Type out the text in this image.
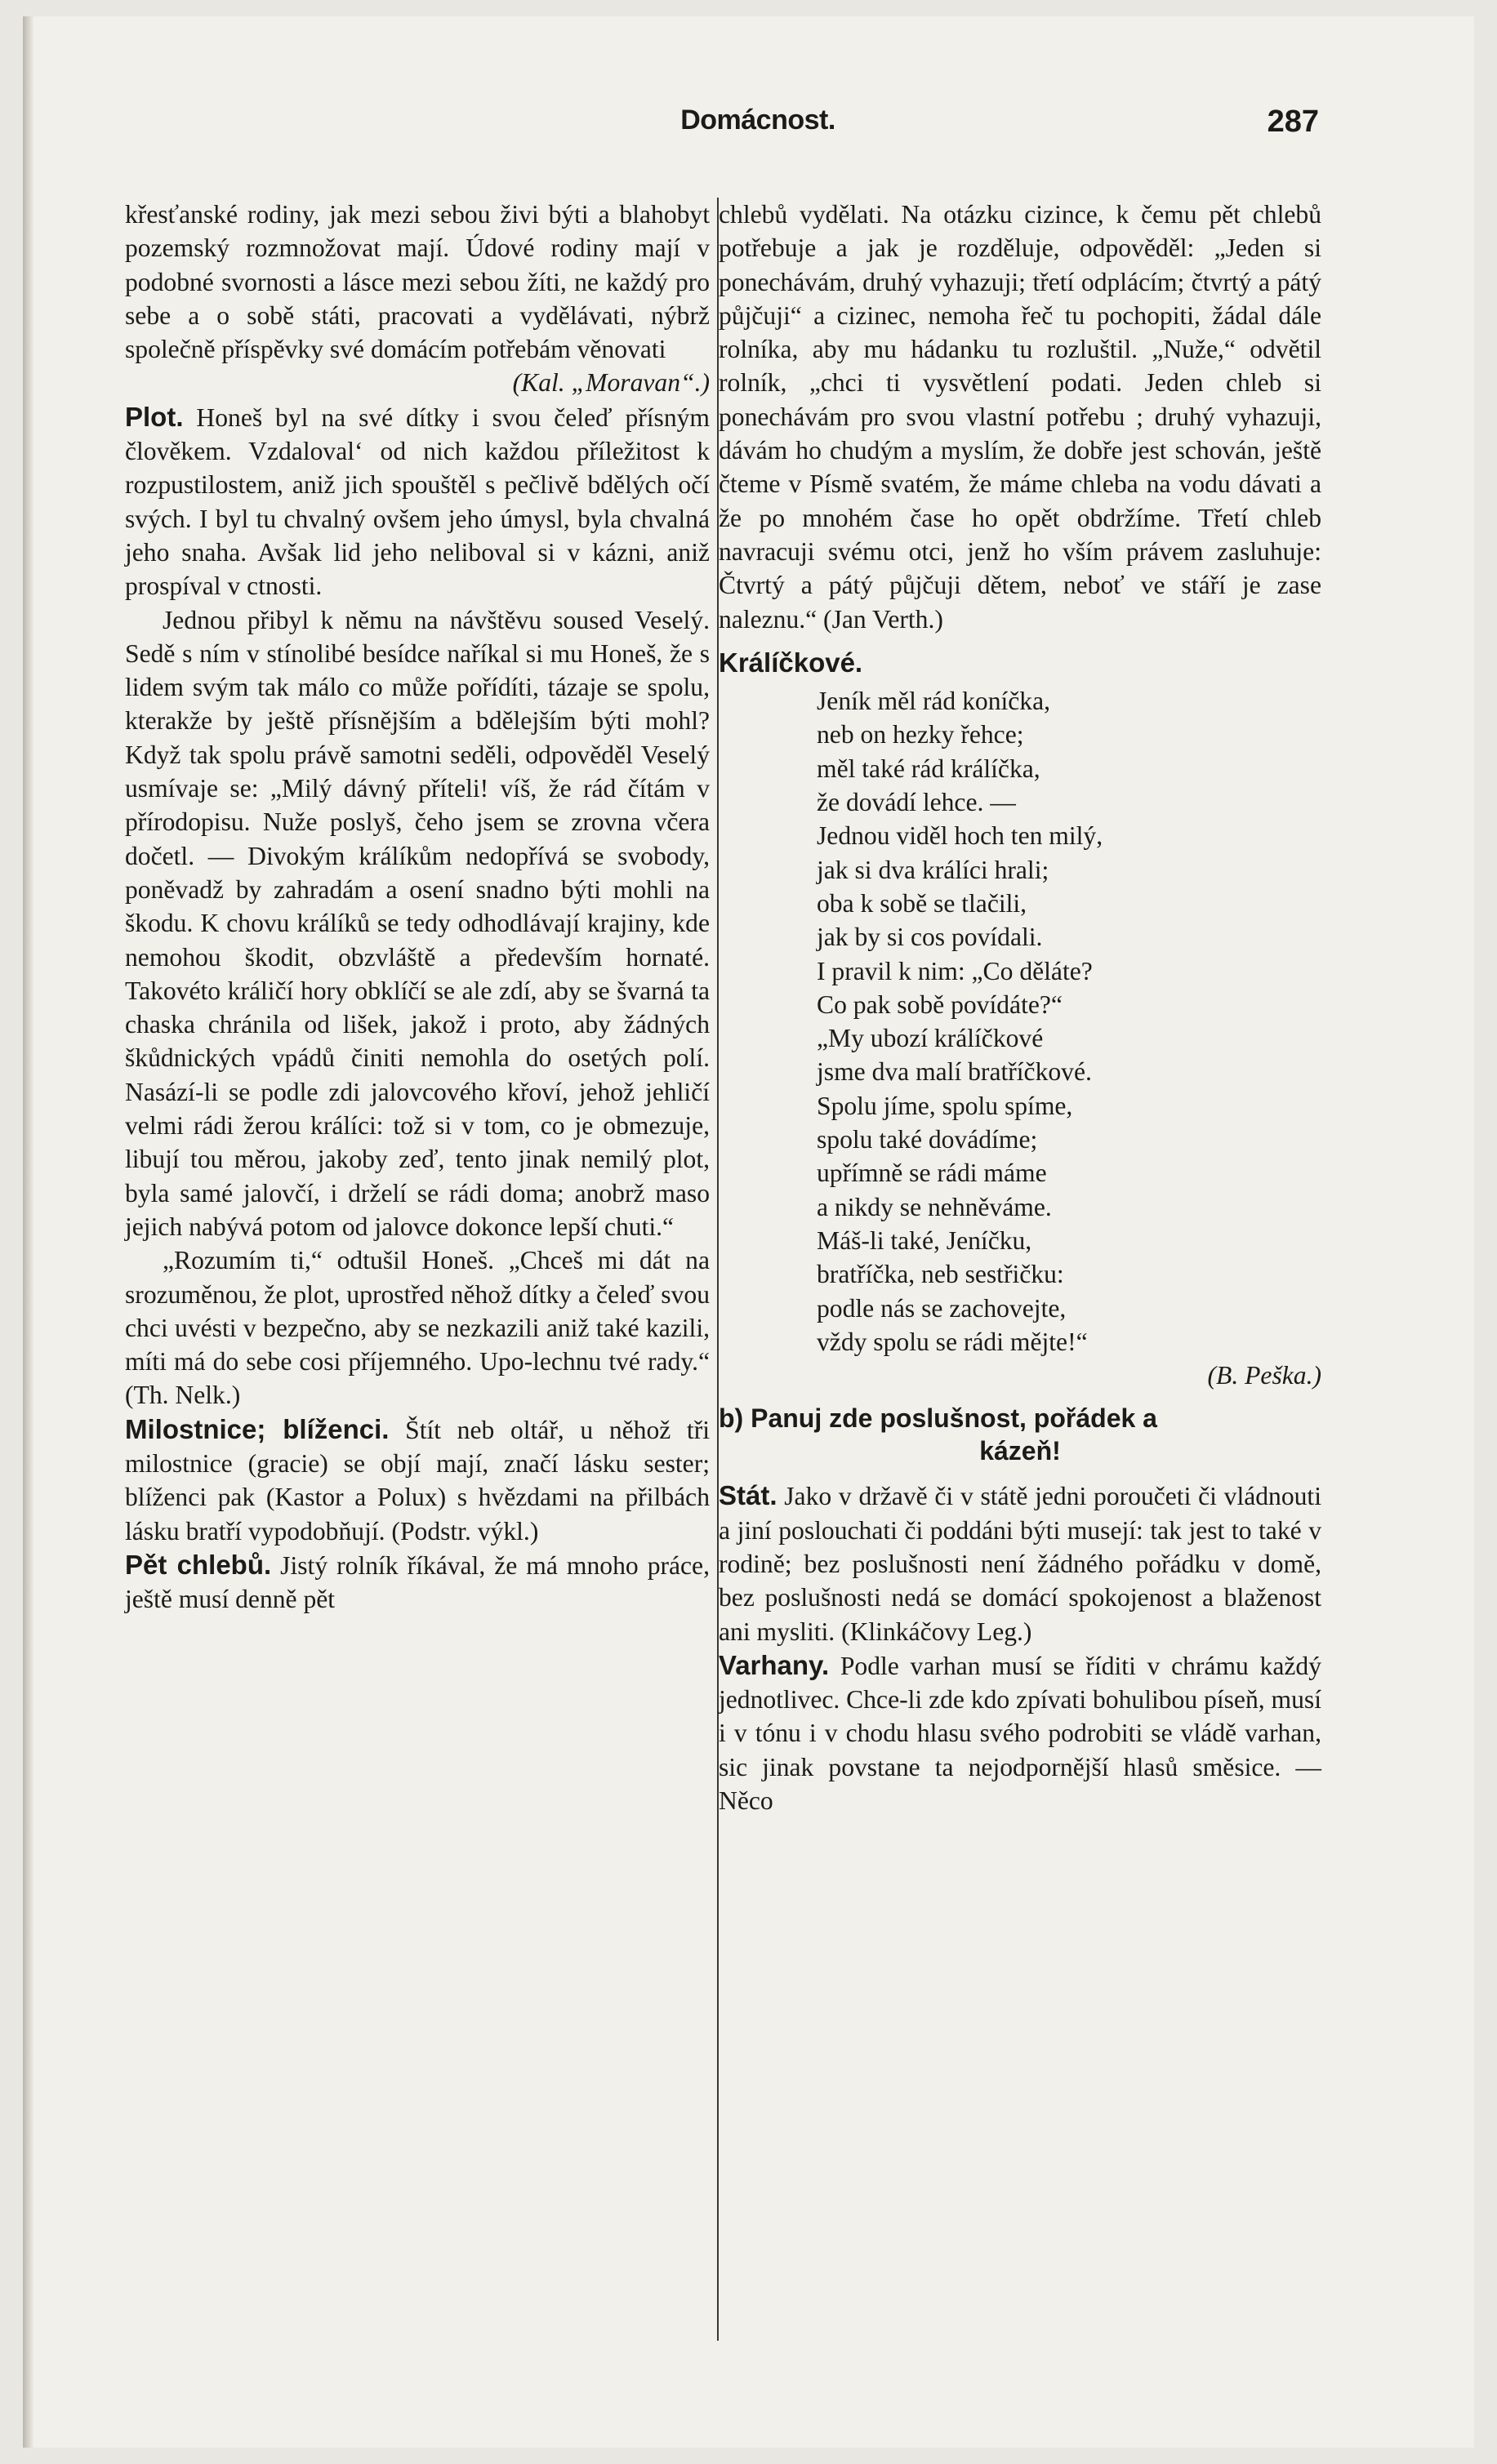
Domácnost.	287

křesťanské rodiny, jak mezi sebou živi býti a blahobyt pozemský rozmnožovat mají. Údové rodiny mají v podobné svornosti a lásce mezi sebou žíti, ne každý pro sebe a o sobě státi, pracovati a vydělávati, nýbrž společně příspěvky své domácím potřebám věnovati

(Kal. „Moravan“.)

Plot. Honeš byl na své dítky i svou čeleď přísným člověkem. Vzdaloval‘ od nich každou příležitost k rozpustilostem, aniž jich spouštěl s pečlivě bdělých očí svých. I byl tu chvalný ovšem jeho úmysl, byla chvalná jeho snaha. Avšak lid jeho neliboval si v kázni, aniž prospíval v ctnosti.

Jednou přibyl k němu na návštěvu soused Veselý. Sedě s ním v stínolibé besídce naříkal si mu Honeš, že s lidem svým tak málo co může pořídíti, tázaje se spolu, kterakže by ještě přísnějším a bdělejším býti mohl? Když tak spolu právě samotni seděli, odpověděl Veselý usmívaje se: „Milý dávný příteli! víš, že rád čítám v přírodopisu. Nuže poslyš, čeho jsem se zrovna včera dočetl. — Divokým králíkům nedopřívá se svobody, poněvadž by zahradám a osení snadno býti mohli na škodu. K chovu králíků se tedy odhodlávají krajiny, kde nemohou škodit, obzvláště a především hornaté. Takovéto králičí hory obklíčí se ale zdí, aby se švarná ta chaska chránila od lišek, jakož i proto, aby žádných škůdnických vpádů činiti nemohla do osetých polí. Nasází-li se podle zdi jalovcového křoví, jehož jehličí velmi rádi žerou králíci: tož si v tom, co je obmezuje, libují tou měrou, jakoby zeď, tento jinak nemilý plot, byla samé jalovčí, i drželí se rádi doma; anobrž maso jejich nabývá potom od jalovce dokonce lepší chuti.“

„Rozumím ti,“ odtušil Honeš. „Chceš mi dát na srozuměnou, že plot, uprostřed něhož dítky a čeleď svou chci uvésti v bezpečno, aby se nezkazili aniž také kazili, míti má do sebe cosi příjemného. Upo-lechnu tvé rady.“ (Th. Nelk.)

Milostnice; blíženci. Štít neb oltář, u něhož tři milostnice (gracie) se objí mají, značí lásku sester; blíženci pak (Kastor a Polux) s hvězdami na přilbách lásku bratří vypodobňují. (Podstr. výkl.)

Pět chlebů. Jistý rolník říkával, že má mnoho práce, ještě musí denně pět

chlebů vydělati. Na otázku cizince, k čemu pět chlebů potřebuje a jak je rozděluje, odpověděl: „Jeden si ponechávám, druhý vyhazuji; třetí odplácím; čtvrtý a pátý půjčuji“ a cizinec, nemoha řeč tu pochopiti, žádal dále rolníka, aby mu hádanku tu rozluštil. „Nuže,“ odvětil rolník, „chci ti vysvětlení podati. Jeden chleb si ponechávám pro svou vlastní potřebu ; druhý vyhazuji, dávám ho chudým a myslím, že dobře jest schován, ještě čteme v Písmě svatém, že máme chleba na vodu dávati a že po mnohém čase ho opět obdržíme. Třetí chleb navracuji svému otci, jenž ho vším právem zasluhuje: Čtvrtý a pátý půjčuji dětem, neboť ve stáří je zase naleznu.“ (Jan Verth.)

Králíčkové.
Jeník měl rád koníčka,
neb on hezky řehce;
měl také rád králíčka,
že dovádí lehce. —
Jednou viděl hoch ten milý,
jak si dva králíci hrali;
oba k sobě se tlačili,
jak by si cos povídali.
I pravil k nim: „Co děláte?
Co pak sobě povídáte?“
„My ubozí králíčkové
jsme dva malí bratříčkové.
Spolu jíme, spolu spíme,
spolu také dovádíme;
upřímně se rádi máme
a nikdy se nehněváme.
Máš-li také, Jeníčku,
bratříčka, neb sestřičku:
podle nás se zachovejte,
vždy spolu se rádi mějte!“

(B. Peška.)

b) Panuj zde poslušnost, pořádek a
kázeň!

Stát. Jako v državě či v státě jedni poroučeti či vládnouti a jiní poslouchati či poddáni býti musejí: tak jest to také v rodině; bez poslušnosti není žádného pořádku v domě, bez poslušnosti nedá se domácí spokojenost a blaženost ani mysliti. (Klinkáčovy Leg.)

Varhany. Podle varhan musí se říditi v chrámu každý jednotlivec. Chce-li zde kdo zpívati bohulibou píseň, musí i v tónu i v chodu hlasu svého podrobiti se vládě varhan, sic jinak povstane ta nejodpornější hlasů směsice. — Něco
